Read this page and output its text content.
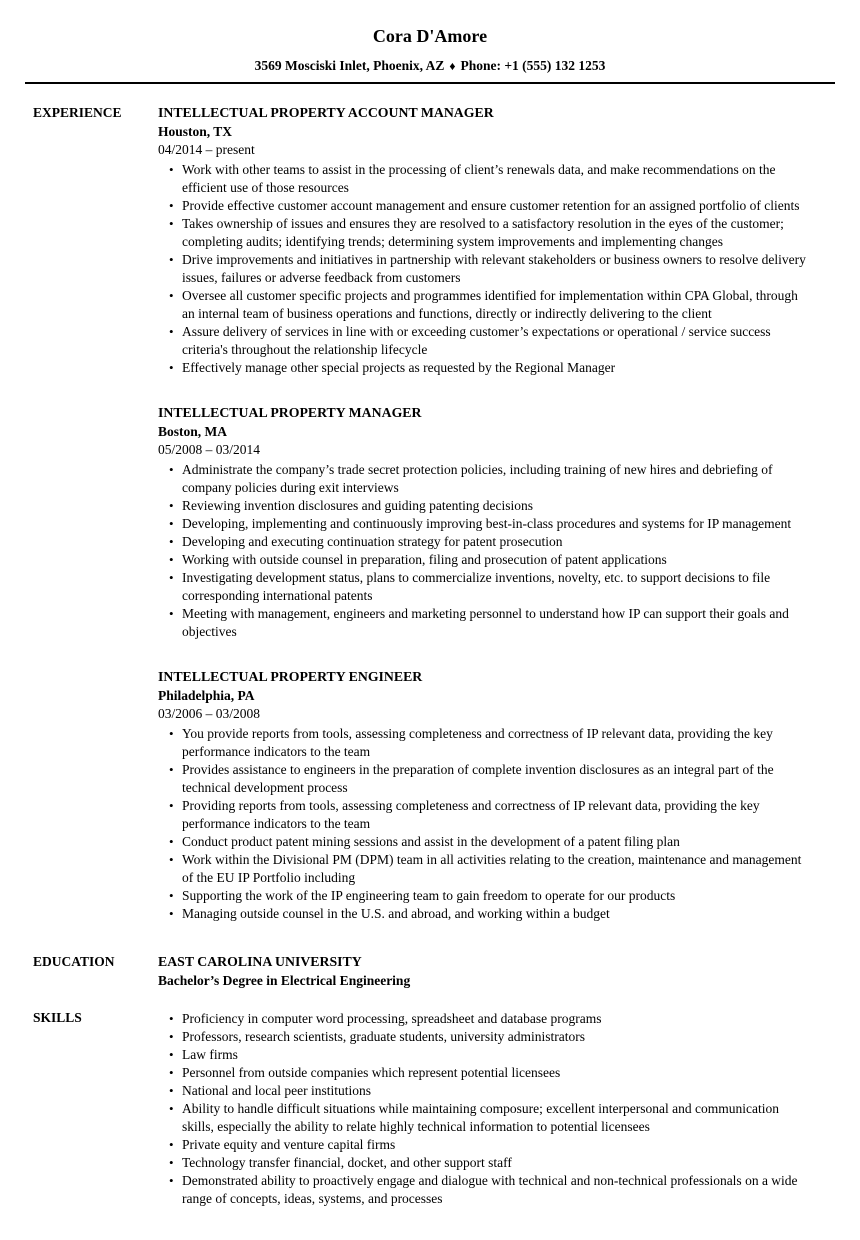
Cora D'Amore
3569 Mosciski Inlet, Phoenix, AZ ♦ Phone: +1 (555) 132 1253
EXPERIENCE	INTELLECTUAL PROPERTY ACCOUNT MANAGER
Houston, TX
04/2014 – present
• Work with other teams to assist in the processing of client’s renewals data, and make recommendations on the efficient use of those resources
• Provide effective customer account management and ensure customer retention for an assigned portfolio of clients
• Takes ownership of issues and ensures they are resolved to a satisfactory resolution in the eyes of the customer; completing audits; identifying trends; determining system improvements and implementing changes
• Drive improvements and initiatives in partnership with relevant stakeholders or business owners to resolve delivery issues, failures or adverse feedback from customers
• Oversee all customer specific projects and programmes identified for implementation within CPA Global, through an internal team of business operations and functions, directly or indirectly delivering to the client
• Assure delivery of services in line with or exceeding customer’s expectations or operational / service success criteria's throughout the relationship lifecycle
• Effectively manage other special projects as requested by the Regional Manager
INTELLECTUAL PROPERTY MANAGER
Boston, MA
05/2008 – 03/2014
• Administrate the company’s trade secret protection policies, including training of new hires and debriefing of company policies during exit interviews
• Reviewing invention disclosures and guiding patenting decisions
• Developing, implementing and continuously improving best-in-class procedures and systems for IP management
• Developing and executing continuation strategy for patent prosecution
• Working with outside counsel in preparation, filing and prosecution of patent applications
• Investigating development status, plans to commercialize inventions, novelty, etc. to support decisions to file corresponding international patents
• Meeting with management, engineers and marketing personnel to understand how IP can support their goals and objectives
INTELLECTUAL PROPERTY ENGINEER
Philadelphia, PA
03/2006 – 03/2008
• You provide reports from tools, assessing completeness and correctness of IP relevant data, providing the key performance indicators to the team
• Provides assistance to engineers in the preparation of complete invention disclosures as an integral part of the technical development process
• Providing reports from tools, assessing completeness and correctness of IP relevant data, providing the key performance indicators to the team
• Conduct product patent mining sessions and assist in the development of a patent filing plan
• Work within the Divisional PM (DPM) team in all activities relating to the creation, maintenance and management of the EU IP Portfolio including
• Supporting the work of the IP engineering team to gain freedom to operate for our products
• Managing outside counsel in the U.S. and abroad, and working within a budget
EDUCATION	EAST CAROLINA UNIVERSITY
Bachelor’s Degree in Electrical Engineering
SKILLS	• Proficiency in computer word processing, spreadsheet and database programs
• Professors, research scientists, graduate students, university administrators
• Law firms
• Personnel from outside companies which represent potential licensees
• National and local peer institutions
• Ability to handle difficult situations while maintaining composure; excellent interpersonal and communication skills, especially the ability to relate highly technical information to potential licensees
• Private equity and venture capital firms
• Technology transfer financial, docket, and other support staff
• Demonstrated ability to proactively engage and dialogue with technical and non-technical professionals on a wide range of concepts, ideas, systems, and processes
